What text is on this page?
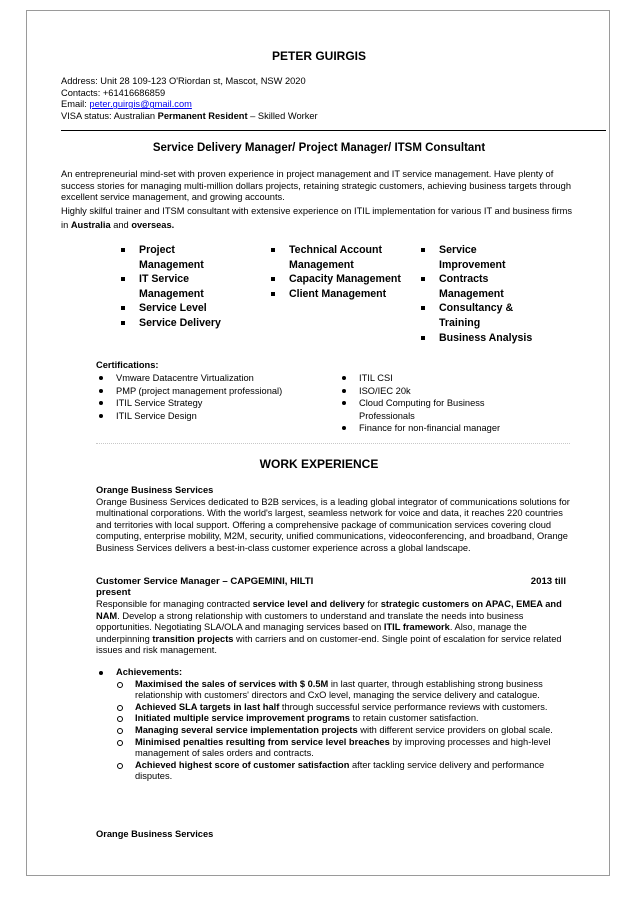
PETER GUIRGIS
Address: Unit 28 109-123 O'Riordan st, Mascot, NSW 2020
Contacts: +61416686859
Email: peter.guirgis@gmail.com
VISA status: Australian Permanent Resident – Skilled Worker
Service Delivery Manager/ Project Manager/ ITSM Consultant
An entrepreneurial mind-set with proven experience in project management and IT service management. Have plenty of success stories for managing multi-million dollars projects, retaining strategic customers, achieving business targets through excellent service management, and growing accounts.
Highly skilful trainer and ITSM consultant with extensive experience on ITIL implementation for various IT and business firms in Australia and overseas.
Project Management
IT Service Management
Service Level
Service Delivery
Technical Account Management
Capacity Management
Client Management
Service Improvement
Contracts Management
Consultancy & Training
Business Analysis
Certifications:
Vmware Datacentre Virtualization
PMP (project management professional)
ITIL Service Strategy
ITIL Service Design
ITIL CSI
ISO/IEC 20k
Cloud Computing for Business Professionals
Finance for non-financial manager
WORK EXPERIENCE
Orange Business Services
Orange Business Services dedicated to B2B services, is a leading global integrator of communications solutions for multinational corporations. With the world's largest, seamless network for voice and data, it reaches 220 countries and territories with local support. Offering a comprehensive package of communication services covering cloud computing, enterprise mobility, M2M, security, unified communications, videoconferencing, and broadband, Orange Business Services delivers a best-in-class customer experience across a global landscape.
Customer Service Manager – CAPGEMINI, HILTI	2013 till
present
Responsible for managing contracted service level and delivery for strategic customers on APAC, EMEA and NAM. Develop a strong relationship with customers to understand and translate the needs into business opportunities. Negotiating SLA/OLA and managing services based on ITIL framework. Also, manage the underpinning transition projects with carriers and on customer-end. Single point of escalation for service related issues and risk management.
Achievements:
Maximised the sales of services with $ 0.5M in last quarter, through establishing strong business relationship with customers' directors and CxO level, managing the service delivery and catalogue.
Achieved SLA targets in last half through successful service performance reviews with customers.
Initiated multiple service improvement programs to retain customer satisfaction.
Managing several service implementation projects with different service providers on global scale.
Minimised penalties resulting from service level breaches by improving processes and high-level management of sales orders and contracts.
Achieved highest score of customer satisfaction after tackling service delivery and performance disputes.
Orange Business Services
